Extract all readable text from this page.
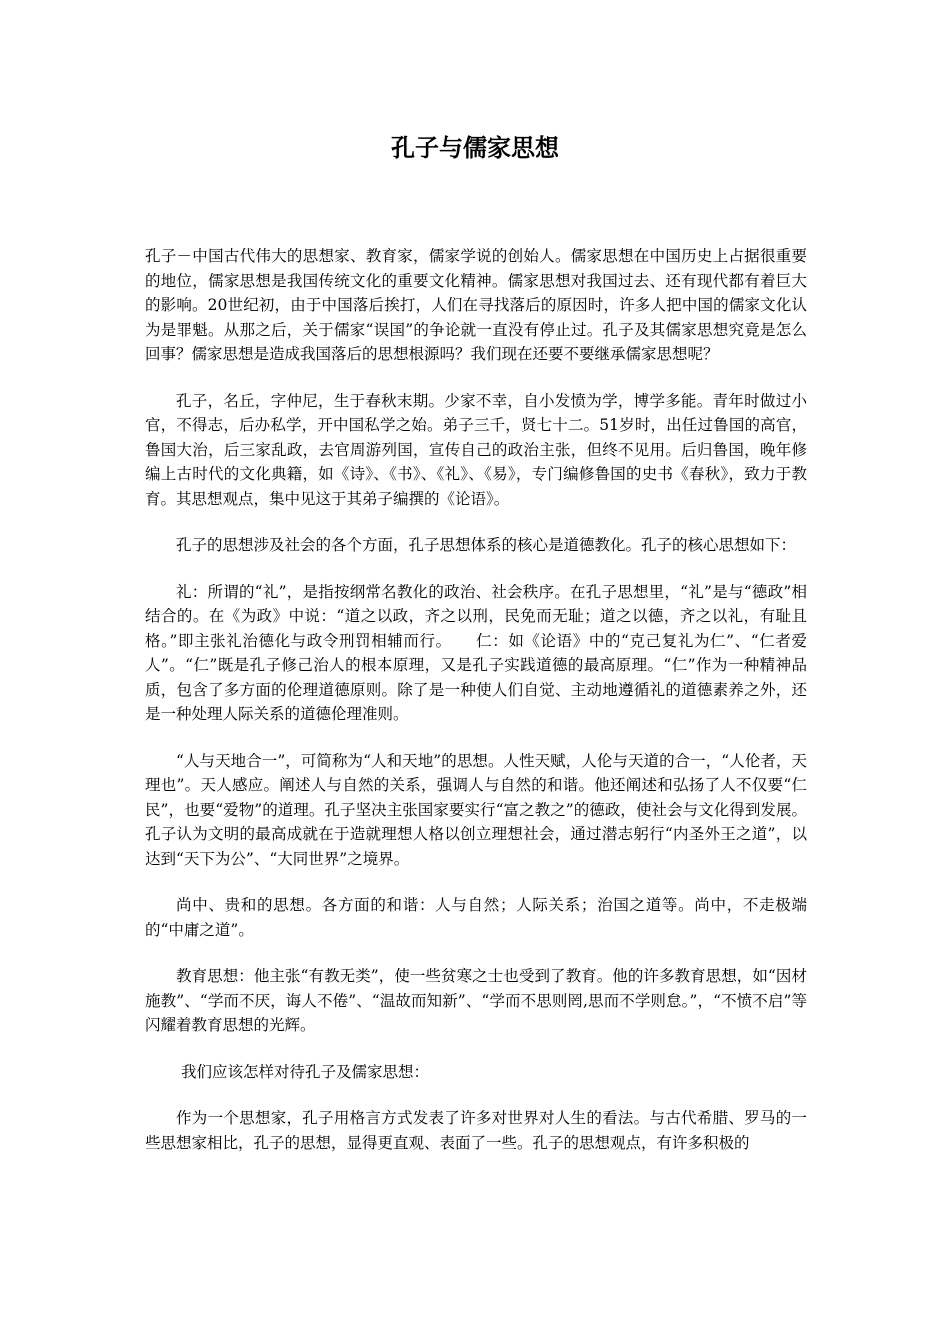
孔子与儒家思想

孔子－中国古代伟大的思想家、教育家，儒家学说的创始人。儒家思想在中国历史上占据很重要的地位，儒家思想是我国传统文化的重要文化精神。儒家思想对我国过去、还有现代都有着巨大的影响。20世纪初，由于中国落后挨打，人们在寻找落后的原因时，许多人把中国的儒家文化认为是罪魁。从那之后，关于儒家“误国”的争论就一直没有停止过。孔子及其儒家思想究竟是怎么回事？儒家思想是造成我国落后的思想根源吗？我们现在还要不要继承儒家思想呢？

孔子，名丘，字仲尼，生于春秋末期。少家不幸，自小发愤为学，博学多能。青年时做过小官，不得志，后办私学，开中国私学之始。弟子三千，贤七十二。51岁时，出任过鲁国的高官，鲁国大治，后三家乱政，去官周游列国，宣传自己的政治主张，但终不见用。后归鲁国，晚年修编上古时代的文化典籍，如《诗》、《书》、《礼》、《易》，专门编修鲁国的史书《春秋》，致力于教育。其思想观点，集中见这于其弟子编撰的《论语》。

孔子的思想涉及社会的各个方面，孔子思想体系的核心是道德教化。孔子的核心思想如下：

礼：所谓的“礼”，是指按纲常名教化的政治、社会秩序。在孔子思想里，“礼”是与“德政”相结合的。在《为政》中说：“道之以政，齐之以刑，民免而无耻；道之以德，齐之以礼，有耻且格。”即主张礼治德化与政令刑罚相辅而行。　　仁：如《论语》中的“克己复礼为仁”、“仁者爱人”。“仁”既是孔子修己治人的根本原理，又是孔子实践道德的最高原理。“仁”作为一种精神品质，包含了多方面的伦理道德原则。除了是一种使人们自觉、主动地遵循礼的道德素养之外，还是一种处理人际关系的道德伦理准则。

“人与天地合一”，可简称为“人和天地”的思想。人性天赋，人伦与天道的合一，“人伦者，天理也”。天人感应。阐述人与自然的关系，强调人与自然的和谐。他还阐述和弘扬了人不仅要“仁民”，也要“爱物”的道理。孔子坚决主张国家要实行“富之教之”的德政，使社会与文化得到发展。孔子认为文明的最高成就在于造就理想人格以创立理想社会，通过潜志躬行“内圣外王之道”，以达到“天下为公”、“大同世界”之境界。

尚中、贵和的思想。各方面的和谐：人与自然；人际关系；治国之道等。尚中，不走极端的“中庸之道”。

教育思想：他主张“有教无类”，使一些贫寒之士也受到了教育。他的许多教育思想，如“因材施教”、“学而不厌，诲人不倦”、“温故而知新”、“学而不思则罔,思而不学则怠。”，“不愤不启”等闪耀着教育思想的光辉。

我们应该怎样对待孔子及儒家思想：

作为一个思想家，孔子用格言方式发表了许多对世界对人生的看法。与古代希腊、罗马的一些思想家相比，孔子的思想，显得更直观、表面了一些。孔子的思想观点，有许多积极的
